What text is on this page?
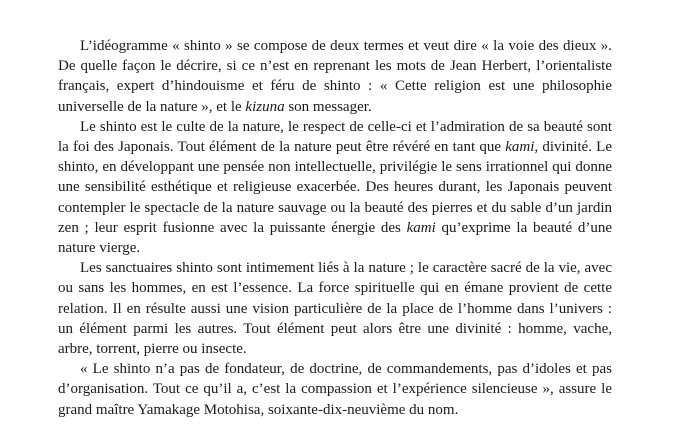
L’idéogramme « shinto » se compose de deux termes et veut dire « la voie des dieux ». De quelle façon le décrire, si ce n’est en reprenant les mots de Jean Herbert, l’orientaliste français, expert d’hindouisme et féru de shinto : « Cette religion est une philosophie universelle de la nature », et le kizuna son messager.

Le shinto est le culte de la nature, le respect de celle-ci et l’admiration de sa beauté sont la foi des Japonais. Tout élément de la nature peut être révéré en tant que kami, divinité. Le shinto, en développant une pensée non intellectuelle, privilégie le sens irrationnel qui donne une sensibilité esthétique et religieuse exacerbée. Des heures durant, les Japonais peuvent contempler le spectacle de la nature sauvage ou la beauté des pierres et du sable d’un jardin zen ; leur esprit fusionne avec la puissante énergie des kami qu’exprime la beauté d’une nature vierge.

Les sanctuaires shinto sont intimement liés à la nature ; le caractère sacré de la vie, avec ou sans les hommes, en est l’essence. La force spirituelle qui en émane provient de cette relation. Il en résulte aussi une vision particulière de la place de l’homme dans l’univers : un élément parmi les autres. Tout élément peut alors être une divinité : homme, vache, arbre, torrent, pierre ou insecte.

« Le shinto n’a pas de fondateur, de doctrine, de commandements, pas d’idoles et pas d’organisation. Tout ce qu’il a, c’est la compassion et l’expérience silencieuse », assure le grand maître Yamakage Motohisa, soixante-dix-neuvième du nom.
